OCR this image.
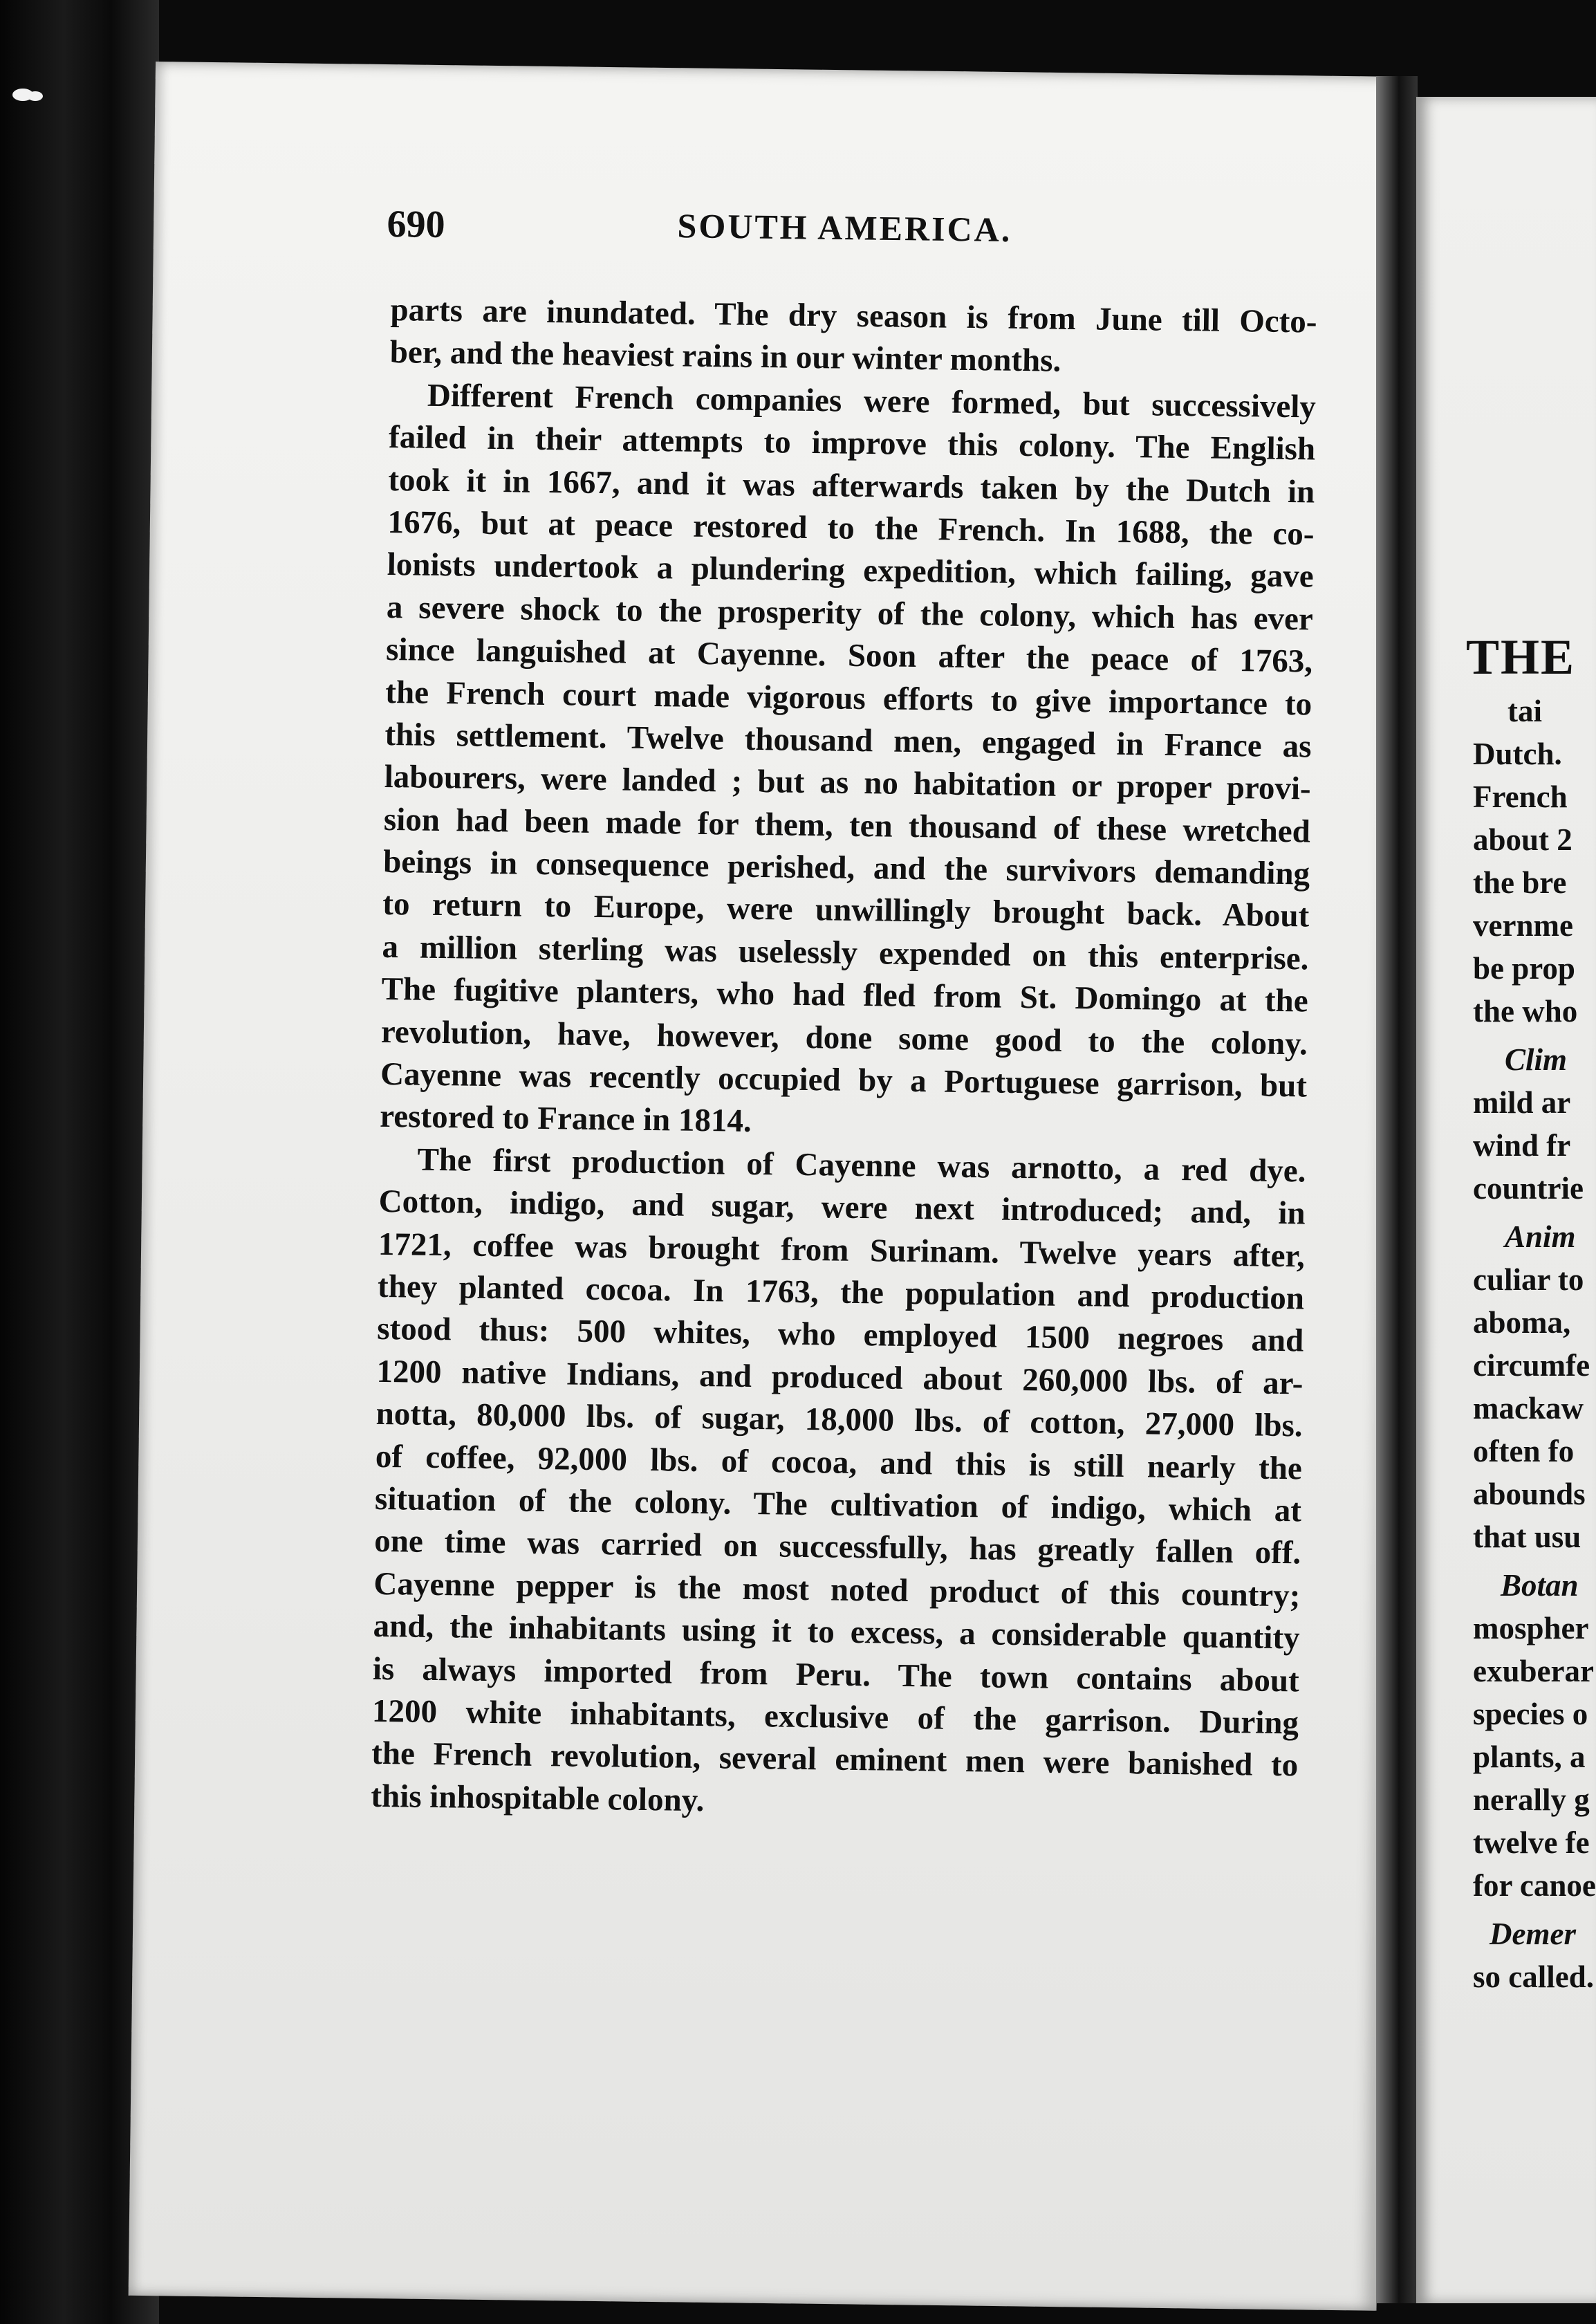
690	SOUTH AMERICA.
parts are inundated. The dry season is from June till Octo-
ber, and the heaviest rains in our winter months.
Different French companies were formed, but successively
failed in their attempts to improve this colony. The English
took it in 1667, and it was afterwards taken by the Dutch in
1676, but at peace restored to the French. In 1688, the co-
lonists undertook a plundering expedition, which failing, gave
a severe shock to the prosperity of the colony, which has ever
since languished at Cayenne. Soon after the peace of 1763,
the French court made vigorous efforts to give importance to
this settlement. Twelve thousand men, engaged in France as
labourers, were landed ; but as no habitation or proper provi-
sion had been made for them, ten thousand of these wretched
beings in consequence perished, and the survivors demanding
to return to Europe, were unwillingly brought back. About
a million sterling was uselessly expended on this enterprise.
The fugitive planters, who had fled from St. Domingo at the
revolution, have, however, done some good to the colony.
Cayenne was recently occupied by a Portuguese garrison, but
restored to France in 1814.
The first production of Cayenne was arnotto, a red dye.
Cotton, indigo, and sugar, were next introduced; and, in
1721, coffee was brought from Surinam. Twelve years after,
they planted cocoa. In 1763, the population and production
stood thus: 500 whites, who employed 1500 negroes and
1200 native Indians, and produced about 260,000 lbs. of ar-
notta, 80,000 lbs. of sugar, 18,000 lbs. of cotton, 27,000 lbs.
of coffee, 92,000 lbs. of cocoa, and this is still nearly the
situation of the colony. The cultivation of indigo, which at
one time was carried on successfully, has greatly fallen off.
Cayenne pepper is the most noted product of this country;
and, the inhabitants using it to excess, a considerable quantity
is always imported from Peru. The town contains about
1200 white inhabitants, exclusive of the garrison. During
the French revolution, several eminent men were banished to
this inhospitable colony.
THE
tai
Dutch.
French
about 2
the bre
vernme
be prop
the who
Clim
mild ar
wind fr
countrie
Anim
culiar to
aboma,
circumfe
mackaw
often fo
abounds
that usu
Botan
mospher
exuberar
species o
plants, a
nerally g
twelve fe
for canoe
Demer
so called.
